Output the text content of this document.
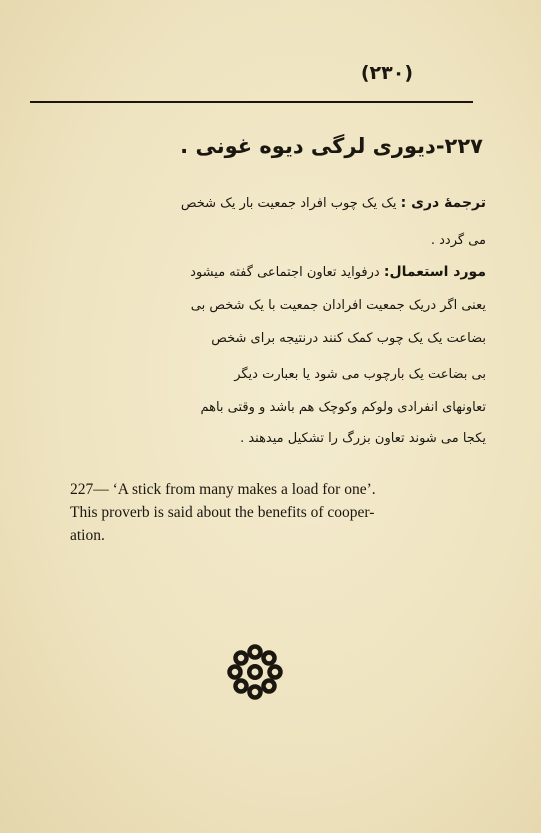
(۲۳۰)
۲۲۷-دیوری لرگی دیوه غونی .
ترجمهٔ دری : یک یک چوب افراد جمعیت بار یک شخص
می گردد .
مورد استعمال: درفواید تعاون اجتماعی گفته میشود
یعنی اگر دریک جمعیت افرادان جمعیت با یک شخص بی
بضاعت یک یک چوب کمک کنند درنتیجه برای شخص
بی بضاعت یک بارچوب می شود یا بعبارت دیگر
تعاونهای انفرادی ولوکم وکوچک هم باشد و وقتی باهم
یکجا می شوند تعاون بزرگ را تشکیل میدهند .
227— ‘A stick from many makes a load for one’.
This proverb is said about the benefits of cooper-
ation.
